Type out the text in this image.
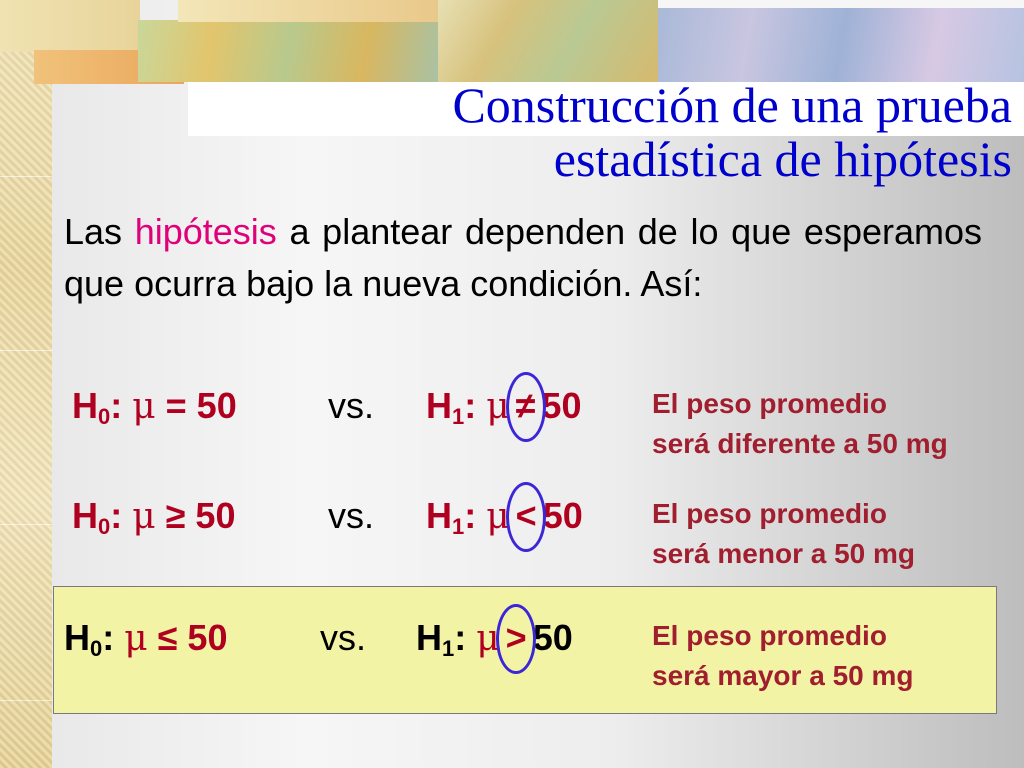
Construcción de una prueba
estadística de hipótesis
Las hipótesis a plantear dependen de lo que esperamos que ocurra bajo la nueva condición. Así:
$H_0$: μ = 50	vs. $H_1$: μ ≠ 50	El peso promedio
será diferente a 50 mg
$H_0$: μ ≥ 50	vs. $H_1$: μ < 50 El peso promedio
será menor a 50 mg
$H_0$: μ ≤ 50	vs. $H_1$: μ > 50	El peso promedio
será mayor a 50 mg
